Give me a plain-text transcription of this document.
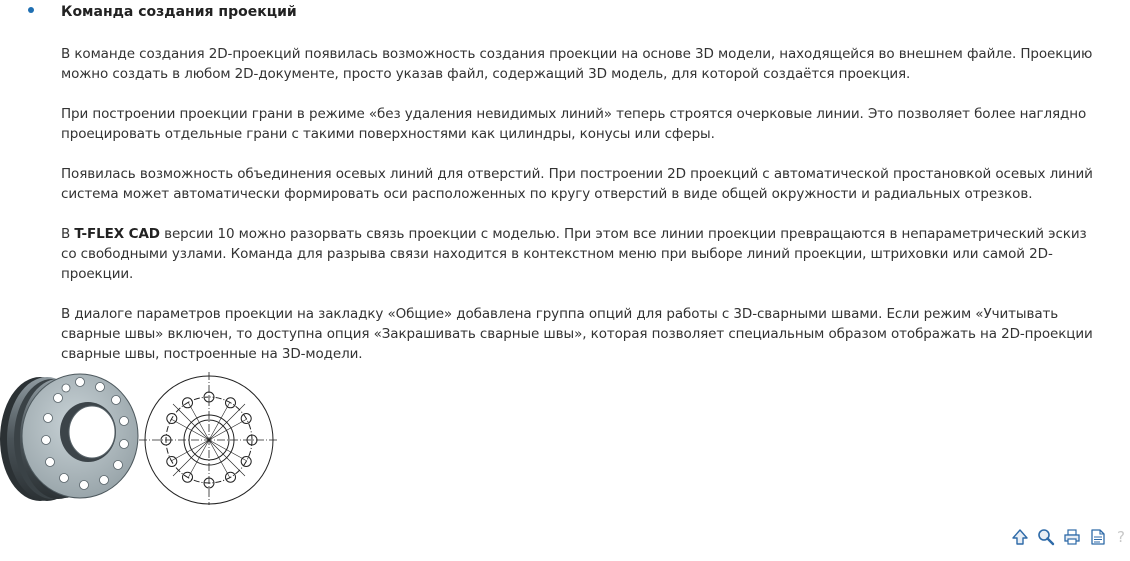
Команда создания проекций

В команде создания 2D-проекций появилась возможность создания проекции на основе 3D модели, находящейся во внешнем файле. Проекцию можно создать в любом 2D-документе, просто указав файл, содержащий 3D модель, для которой создаётся проекция.

При построении проекции грани в режиме «без удаления невидимых линий» теперь строятся очерковые линии. Это позволяет более наглядно проецировать отдельные грани с такими поверхностями как цилиндры, конусы или сферы.

Появилась возможность объединения осевых линий для отверстий. При построении 2D проекций с автоматической простановкой осевых линий система может автоматически формировать оси расположенных по кругу отверстий в виде общей окружности и радиальных отрезков.

В T-FLEX CAD версии 10 можно разорвать связь проекции с моделью. При этом все линии проекции превращаются в непараметрический эскиз со свободными узлами. Команда для разрыва связи находится в контекстном меню при выборе линий проекции, штриховки или самой 2D-проекции.

В диалоге параметров проекции на закладку «Общие» добавлена группа опций для работы с 3D-сварными швами. Если режим «Учитывать сварные швы» включен, то доступна опция «Закрашивать сварные швы», которая позволяет специальным образом отображать на 2D-проекции сварные швы, построенные на 3D-модели.

?
